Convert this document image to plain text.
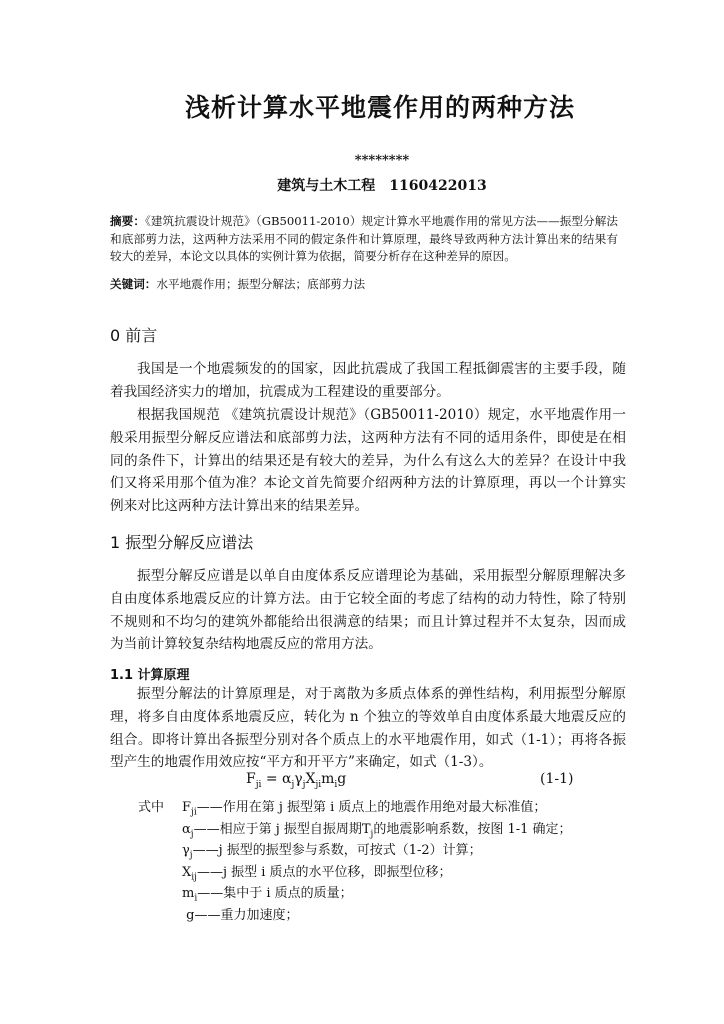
浅析计算水平地震作用的两种方法
********
建筑与土木工程 1160422013
摘要：《建筑抗震设计规范》（GB50011-2010）规定计算水平地震作用的常见方法——振型分解法和底部剪力法，这两种方法采用不同的假定条件和计算原理，最终导致两种方法计算出来的结果有较大的差异，本论文以具体的实例计算为依据，简要分析存在这种差异的原因。
关键词：水平地震作用；振型分解法；底部剪力法
0 前言
我国是一个地震频发的的国家，因此抗震成了我国工程抵御震害的主要手段，随着我国经济实力的增加，抗震成为工程建设的重要部分。
根据我国规范 《建筑抗震设计规范》（GB50011-2010）规定，水平地震作用一般采用振型分解反应谱法和底部剪力法，这两种方法有不同的适用条件，即使是在相同的条件下，计算出的结果还是有较大的差异，为什么有这么大的差异？在设计中我们又将采用那个值为准？本论文首先简要介绍两种方法的计算原理，再以一个计算实例来对比这两种方法计算出来的结果差异。
1 振型分解反应谱法
振型分解反应谱是以单自由度体系反应谱理论为基础，采用振型分解原理解决多自由度体系地震反应的计算方法。由于它较全面的考虑了结构的动力特性，除了特别不规则和不均匀的建筑外都能给出很满意的结果；而且计算过程并不太复杂，因而成为当前计算较复杂结构地震反应的常用方法。
1.1 计算原理
振型分解法的计算原理是，对于离散为多质点体系的弹性结构，利用振型分解原理，将多自由度体系地震反应，转化为 n 个独立的等效单自由度体系最大地震反应的组合。即将计算出各振型分别对各个质点上的水平地震作用，如式（1-1）；再将各振型产生的地震作用效应按“平方和开平方”来确定，如式（1-3）。
$F_{ji} = \alpha_j\gamma_jX_{ji}m_ig$	(1-1)
式中 $F_{ji}——$作用在第 j 振型第 i 质点上的地震作用绝对最大标准值；
$\alpha_j——$相应于第 j 振型自振周期$T_j$的地震影响系数，按图 1-1 确定；
$\gamma_j——j$ 振型的振型参与系数，可按式（1-2）计算；
$X_{ij}——j$ 振型 i 质点的水平位移，即振型位移；
$m_i——$集中于 i 质点的质量；
g——重力加速度；
